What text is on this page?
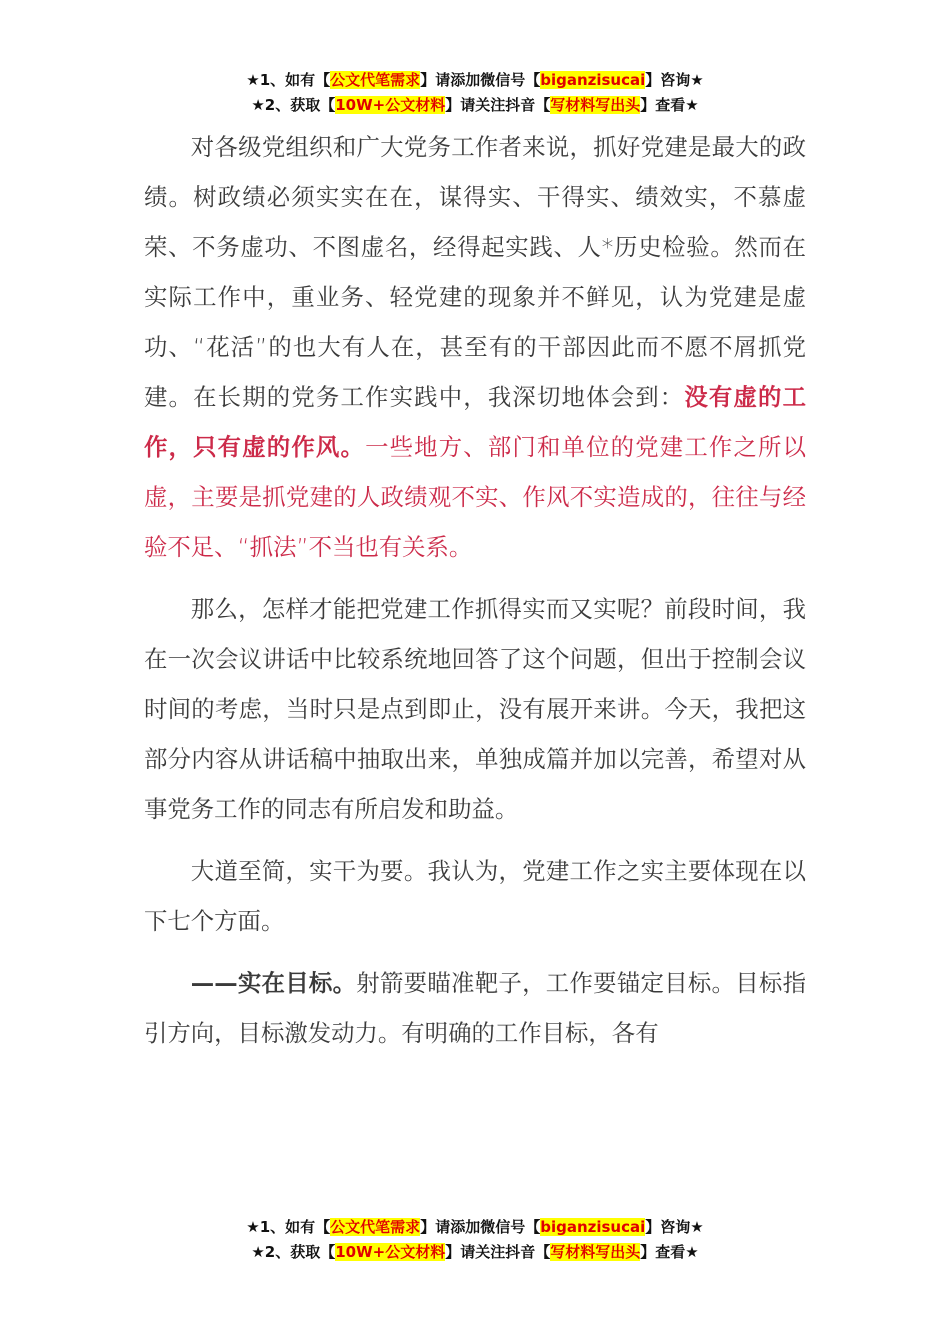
★1、如有【公文代笔需求】请添加微信号【biganzisucai】咨询★
★2、获取【10W+公文材料】请关注抖音【写材料写出头】查看★

对各级党组织和广大党务工作者来说，抓好党建是最大的政绩。树政绩必须实实在在，谋得实、干得实、绩效实，不慕虚荣、不务虚功、不图虚名，经得起实践、人*历史检验。然而在实际工作中，重业务、轻党建的现象并不鲜见，认为党建是虚功、“花活”的也大有人在，甚至有的干部因此而不愿不屑抓党建。在长期的党务工作实践中，我深切地体会到：没有虚的工作，只有虚的作风。一些地方、部门和单位的党建工作之所以虚，主要是抓党建的人政绩观不实、作风不实造成的，往往与经验不足、“抓法”不当也有关系。

那么，怎样才能把党建工作抓得实而又实呢？前段时间，我在一次会议讲话中比较系统地回答了这个问题，但出于控制会议时间的考虑，当时只是点到即止，没有展开来讲。今天，我把这部分内容从讲话稿中抽取出来，单独成篇并加以完善，希望对从事党务工作的同志有所启发和助益。

大道至简，实干为要。我认为，党建工作之实主要体现在以下七个方面。

——实在目标。射箭要瞄准靶子，工作要锚定目标。目标指引方向，目标激发动力。有明确的工作目标，各有

★1、如有【公文代笔需求】请添加微信号【biganzisucai】咨询★
★2、获取【10W+公文材料】请关注抖音【写材料写出头】查看★
